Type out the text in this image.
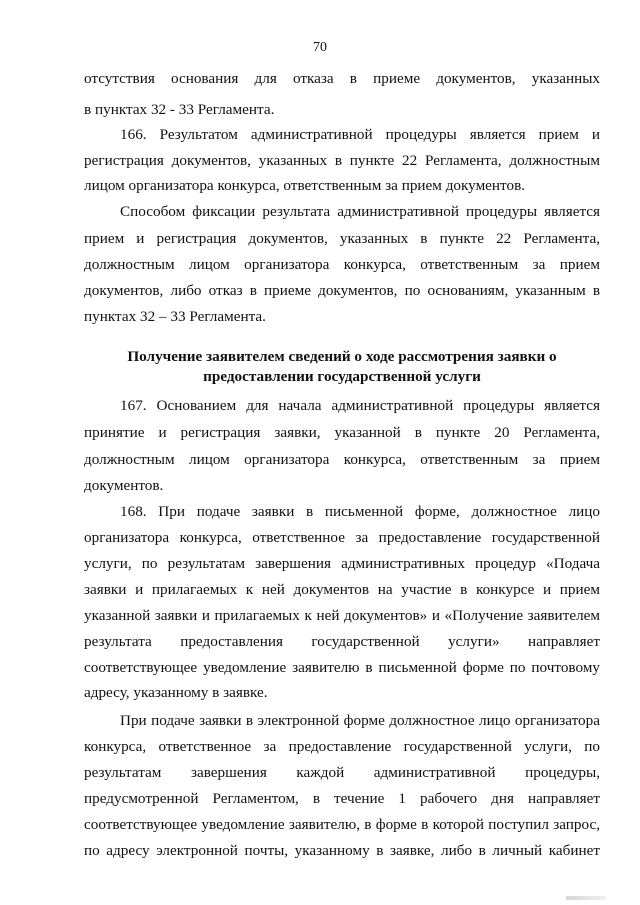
70
отсутствия основания для отказа в приеме документов, указанных
в пунктах 32 - 33 Регламента.
166. Результатом административной процедуры является прием и
регистрация документов, указанных в пункте 22 Регламента, должностным
лицом организатора конкурса, ответственным за прием документов.
Способом фиксации результата административной процедуры является
прием и регистрация документов, указанных в пункте 22 Регламента,
должностным лицом организатора конкурса, ответственным за прием
документов, либо отказ в приеме документов, по основаниям, указанным в
пунктах 32 – 33 Регламента.
Получение заявителем сведений о ходе рассмотрения заявки о
предоставлении государственной услуги
167. Основанием для начала административной процедуры является
принятие и регистрация заявки, указанной в пункте 20 Регламента,
должностным лицом организатора конкурса, ответственным за прием
документов.
168. При подаче заявки в письменной форме, должностное лицо
организатора конкурса, ответственное за предоставление государственной
услуги, по результатам завершения административных процедур «Подача
заявки и прилагаемых к ней документов на участие в конкурсе и прием
указанной заявки и прилагаемых к ней документов» и «Получение заявителем
результата предоставления государственной услуги» направляет
соответствующее уведомление заявителю в письменной форме по почтовому
адресу, указанному в заявке.
При подаче заявки в электронной форме должностное лицо организатора
конкурса, ответственное за предоставление государственной услуги, по
результатам завершения каждой административной процедуры,
предусмотренной Регламентом, в течение 1 рабочего дня направляет
соответствующее уведомление заявителю, в форме в которой поступил запрос,
по адресу электронной почты, указанному в заявке, либо в личный кабинет
